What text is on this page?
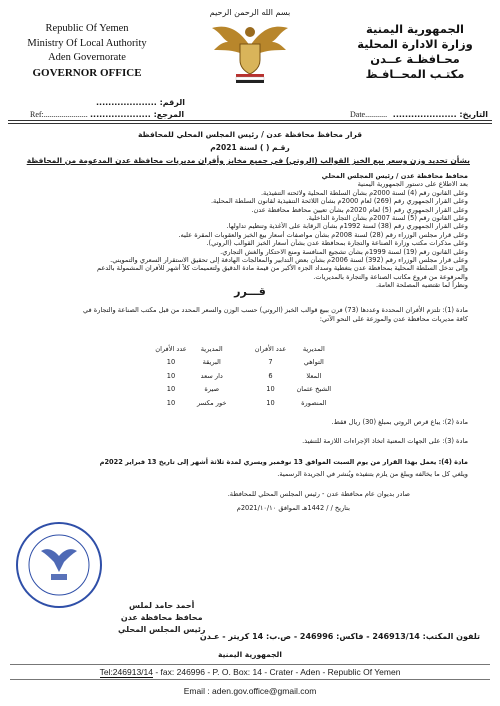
بسم الله الرحمن الرحيم
Republic Of Yemen
Ministry Of Local Authority
Aden Governorate
GOVERNOR OFFICE
الجمهورية اليمنية
وزارة الادارة المحلية
محـافظـة عــدن
مكتـب المحــافـظ
الرقم: ....................
المرجع: ....................
Ref:......................	Date........... التاريخ: .....................
قرار محافظ محافظة عدن / رئيس المجلس المحلي للمحافظة
رقـم ( ) لسنة 2021م
بشأن تحديد وزن وسعر بيع الخبز القوالب (الروتي) في جميع مخابز وأفران مديريات محافظة عدن المدعومة من المحافظة
محافظ محافظة عدن / رئيس المجلس المحلي
بعد الاطلاع على دستور الجمهورية اليمنية
وعلى القانون رقم (4) لسنة 2000م بشأن السلطة المحلية ولائحته التنفيذية.
وعلى القرار الجمهوري رقم (269) لعام 2000م بشأن اللائحة التنفيذية لقانون السلطة المحلية.
وعلى القرار الجمهوري رقم (5) لعام 2020م بشأن تعيين محافظ محافظة عدن.
وعلى القانون رقم (5) لسنة 2007م بشأن التجارة الداخلية.
وعلى القرار الجمهوري رقم (38) لسنة 1992م بشأن الرقابة على الأغذية وتنظيم تداولها.
وعلى قرار مجلس الوزراء رقم (28) لسنة 2008م بشأن مواصفات أسعار بيع الخبز والعقوبات المقرة عليه.
وعلى مذكرات مكتب وزارة الصناعة والتجارة بمحافظة عدن بشأن أسعار الخبز القوالب (الروتي).
وعلى القانون رقم (19) لسنة 1999م بشأن تشجيع المنافسة ومنع الاحتكار والغش التجاري.
وعلى قرار مجلس الوزراء رقم (392) لسنة 2006م بشأن بعض التدابير والمعالجات الهادفة إلى تحقيق الاستقرار السعري والتمويني.
وإلى تدخل السلطة المحلية بمحافظة عدن بتغطية وسداد الجزء الأكبر من قيمة مادة الدقيق ولتعميمات كلاً أشهر للأفران المشمولة بالدعم
والمرفوعة من فروع مكاتب الصناعة والتجارة بالمديريات.
ونظراً لما تقتضيه المصلحة العامة.
قـــرر
مادة (1): تلتزم الأفران المحددة وعددها (73) فرن ببيع قوالب الخبز (الروتي) حسب الوزن والسعر المحدد من قبل مكتب الصناعة والتجارة في
كافة مديريات محافظة عدن والموزعة على النحو الآتي:
المديرية	عدد الأفران		المديرية	عدد الأفران
التواهي	7		البريقة	10
المعلا	6		دار سعد	10
الشيخ عثمان	10		صيرة	10
المنصورة	10		خور مكسر	10
مادة (2): يباع قرص الروتي بمبلغ (30) ريال فقط.
مادة (3): على الجهات المعنية اتخاذ الإجراءات اللازمة للتنفيذ.
مادة (4): يعمل بهذا القرار من يوم السبت الموافق 13 نوفمبر ويسري لمدة ثلاثة أشهر إلى تاريخ 13 فبراير 2022م
ويلغي كل ما يخالفه ويبلغ من يلزم بتنفيذه ويُنشر في الجريدة الرسمية.
صادر بديوان عام محافظة عدن - رئيس المجلس المحلي للمحافظة.
بتاريخ / / 1442هـ الموافق 2021/١٠/١٠م
أحمد حامد لملس
محافظ محافظة عدن
رئيس المجلس المحلي
تلفون المكتب: 246913/14 - فاكس: 246996 - ص.ب: 14 كريتر - عـدن
الجمهورية اليمنية
Tel:246913/14 - fax: 246996 - P. O. Box: 14 - Crater - Aden - Republic Of Yemen
Email : aden.gov.office@gmail.com
